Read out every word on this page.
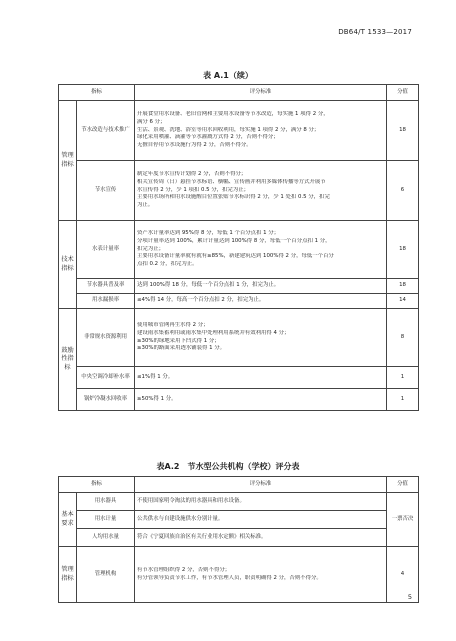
DB64/T 1533—2017
表 A.1（续）
指标		评分标准	分值
管理指标	节水改造与技术推广	开展食堂用水设备、老旧管网和主要用水设备等节水改造，每实施 1 项得 2 分，
满分 6 分；
生活、景观、洗地、浴室等用水回收利用，每实施 1 项得 2 分，满分 8 分；
绿化采用喷灌、滴灌等节水灌溉方式得 2 分，否则不得分；
无擅自停用节水设施行为得 2 分，否则不得分。	18
	节水宣传	制定年度节水宣传计划得 2 分，否则不得分；
相关宣传周（日）悬挂节水标语、横幅、宣传画并利用多媒体传播等方式开展节
水宣传得 2 分，少 1 项扣 0.5 分，扣完为止；
主要用水场所和用水设施醒目位置张贴节水标识得 2 分，少 1 处扣 0.5 分，扣完
为止。	6
技术指标	水表计量率	资产水计量率达到 95%得 8 分，每低 1 个百分点扣 1 分；
分项计量率达到 100%，累计计量达到 100%得 8 分，每低一个百分点扣 1 分，
扣完为止；
主要用水设备计量率就有就有≥85%，新建建筑达到 100%得 2 分，每低一个百分
点扣 0.2 分，扣完为止。	18
	节水器具普及率	达到 100%得 18 分，每低一个百分点扣 1 分，扣完为止。	18
	用水漏损率	≤4%得 14 分，每高一个百分点扣 2 分，扣完为止。	14
鼓励性指标	非常规水资源利用	使用城市管网再生水得 2 分；
建设雨水集蓄利用或雨水集中处理利用系统并有效利用得 4 分；
≥30%的绿地采用下凹式得 1 分；
≥30%的路面采用透水铺装得 1 分。	8
	中央空调冷却补水率	≤1%得 1 分。	1
	锅炉冷凝水回收率	≥50%得 1 分。	1
表A.2　节水型公共机构（学校）评分表
指标		评分标准	分值
基本要求	用水器具	不使用国家明令淘汰的用水器具和用水设备。	一票否决
	用水计量	公共供水与自建设施供水分别计量。	
	人均用水量	符合《宁夏回族自治区有关行业用水定额》相关标准。	
管理指标	管理机构	有节水管理组织得 2 分，否则不得分；
有分管领导负责节水工作，有节水管理人员，职责明确得 2 分，否则不得分。	4
5
